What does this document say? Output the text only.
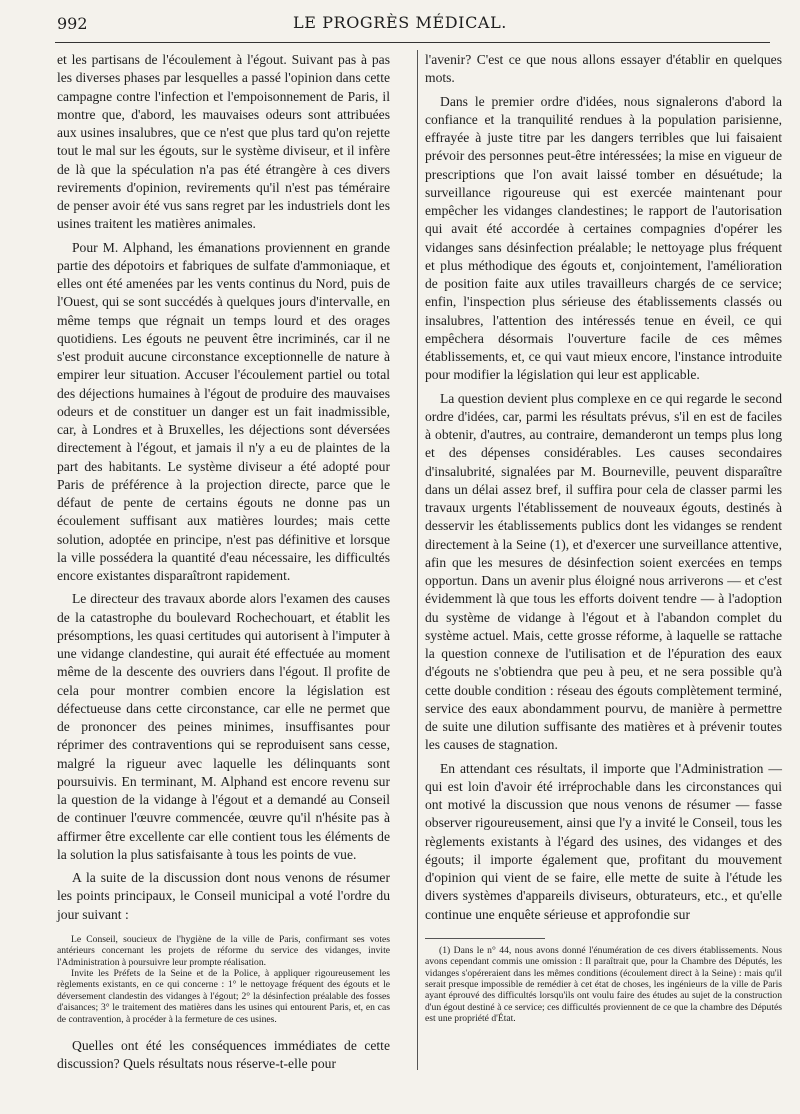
992	LE PROGRÈS MÉDICAL.

et les partisans de l'écoulement à l'égout. Suivant pas à pas les diverses phases par lesquelles a passé l'opinion dans cette campagne contre l'infection et l'empoisonnement de Paris, il montre que, d'abord, les mauvaises odeurs sont attribuées aux usines insalubres, que ce n'est que plus tard qu'on rejette tout le mal sur les égouts, sur le système diviseur, et il infère de là que la spéculation n'a pas été étrangère à ces divers revirements d'opinion, revirements qu'il n'est pas téméraire de penser avoir été vus sans regret par les industriels dont les usines traitent les matières animales.

Pour M. Alphand, les émanations proviennent en grande partie des dépotoirs et fabriques de sulfate d'ammoniaque, et elles ont été amenées par les vents continus du Nord, puis de l'Ouest, qui se sont succédés à quelques jours d'intervalle, en même temps que régnait un temps lourd et des orages quotidiens. Les égouts ne peuvent être incriminés, car il ne s'est produit aucune circonstance exceptionnelle de nature à empirer leur situation. Accuser l'écoulement partiel ou total des déjections humaines à l'égout de produire des mauvaises odeurs et de constituer un danger est un fait inadmissible, car, à Londres et à Bruxelles, les déjections sont déversées directement à l'égout, et jamais il n'y a eu de plaintes de la part des habitants. Le système diviseur a été adopté pour Paris de préférence à la projection directe, parce que le défaut de pente de certains égouts ne donne pas un écoulement suffisant aux matières lourdes; mais cette solution, adoptée en principe, n'est pas définitive et lorsque la ville possédera la quantité d'eau nécessaire, les difficultés encore existantes disparaîtront rapidement.

Le directeur des travaux aborde alors l'examen des causes de la catastrophe du boulevard Rochechouart, et établit les présomptions, les quasi certitudes qui autorisent à l'imputer à une vidange clandestine, qui aurait été effectuée au moment même de la descente des ouvriers dans l'égout. Il profite de cela pour montrer combien encore la législation est défectueuse dans cette circonstance, car elle ne permet que de prononcer des peines minimes, insuffisantes pour réprimer des contraventions qui se reproduisent sans cesse, malgré la rigueur avec laquelle les délinquants sont poursuivis. En terminant, M. Alphand est encore revenu sur la question de la vidange à l'égout et a demandé au Conseil de continuer l'œuvre commencée, œuvre qu'il n'hésite pas à affirmer être excellente car elle contient tous les éléments de la solution la plus satisfaisante à tous les points de vue.

A la suite de la discussion dont nous venons de résumer les points principaux, le Conseil municipal a voté l'ordre du jour suivant :

Le Conseil, soucieux de l'hygiène de la ville de Paris, confirmant ses votes antérieurs concernant les projets de réforme du service des vidanges, invite l'Administration à poursuivre leur prompte réalisation.

Invite les Préfets de la Seine et de la Police, à appliquer rigoureusement les règlements existants, en ce qui concerne : 1° le nettoyage fréquent des égouts et le déversement clandestin des vidanges à l'égout; 2° la désinfection préalable des fosses d'aisances; 3° le traitement des matières dans les usines qui entourent Paris, et, en cas de contravention, à procéder à la fermeture de ces usines.

Quelles ont été les conséquences immédiates de cette discussion? Quels résultats nous réserve-t-elle pour

l'avenir? C'est ce que nous allons essayer d'établir en quelques mots.

Dans le premier ordre d'idées, nous signalerons d'abord la confiance et la tranquilité rendues à la population parisienne, effrayée à juste titre par les dangers terribles que lui faisaient prévoir des personnes peut-être intéressées; la mise en vigueur de prescriptions que l'on avait laissé tomber en désuétude; la surveillance rigoureuse qui est exercée maintenant pour empêcher les vidanges clandestines; le rapport de l'autorisation qui avait été accordée à certaines compagnies d'opérer les vidanges sans désinfection préalable; le nettoyage plus fréquent et plus méthodique des égouts et, conjointement, l'amélioration de position faite aux utiles travailleurs chargés de ce service; enfin, l'inspection plus sérieuse des établissements classés ou insalubres, l'attention des intéressés tenue en éveil, ce qui empêchera désormais l'ouverture facile de ces mêmes établissements, et, ce qui vaut mieux encore, l'instance introduite pour modifier la législation qui leur est applicable.

La question devient plus complexe en ce qui regarde le second ordre d'idées, car, parmi les résultats prévus, s'il en est de faciles à obtenir, d'autres, au contraire, demanderont un temps plus long et des dépenses considérables. Les causes secondaires d'insalubrité, signalées par M. Bourneville, peuvent disparaître dans un délai assez bref, il suffira pour cela de classer parmi les travaux urgents l'établissement de nouveaux égouts, destinés à desservir les établissements publics dont les vidanges se rendent directement à la Seine (1), et d'exercer une surveillance attentive, afin que les mesures de désinfection soient exercées en temps opportun. Dans un avenir plus éloigné nous arriverons — et c'est évidemment là que tous les efforts doivent tendre — à l'adoption du système de vidange à l'égout et à l'abandon complet du système actuel. Mais, cette grosse réforme, à laquelle se rattache la question connexe de l'utilisation et de l'épuration des eaux d'égouts ne s'obtiendra que peu à peu, et ne sera possible qu'à cette double condition : réseau des égouts complètement terminé, service des eaux abondamment pourvu, de manière à permettre de suite une dilution suffisante des matières et à prévenir toutes les causes de stagnation.

En attendant ces résultats, il importe que l'Administration — qui est loin d'avoir été irréprochable dans les circonstances qui ont motivé la discussion que nous venons de résumer — fasse observer rigoureusement, ainsi que l'y a invité le Conseil, tous les règlements existants à l'égard des usines, des vidanges et des égouts; il importe également que, profitant du mouvement d'opinion qui vient de se faire, elle mette de suite à l'étude les divers systèmes d'appareils diviseurs, obturateurs, etc., et qu'elle continue une enquête sérieuse et approfondie sur

(1) Dans le n° 44, nous avons donné l'énumération de ces divers établissements. Nous avons cependant commis une omission : Il paraîtrait que, pour la Chambre des Députés, les vidanges s'opéreraient dans les mêmes conditions (écoulement direct à la Seine) : mais qu'il serait presque impossible de remédier à cet état de choses, les ingénieurs de la ville de Paris ayant éprouvé des difficultés lorsqu'ils ont voulu faire des études au sujet de la construction d'un égout destiné à ce service; ces difficultés proviennent de ce que la chambre des Députés est une propriété d'État.
